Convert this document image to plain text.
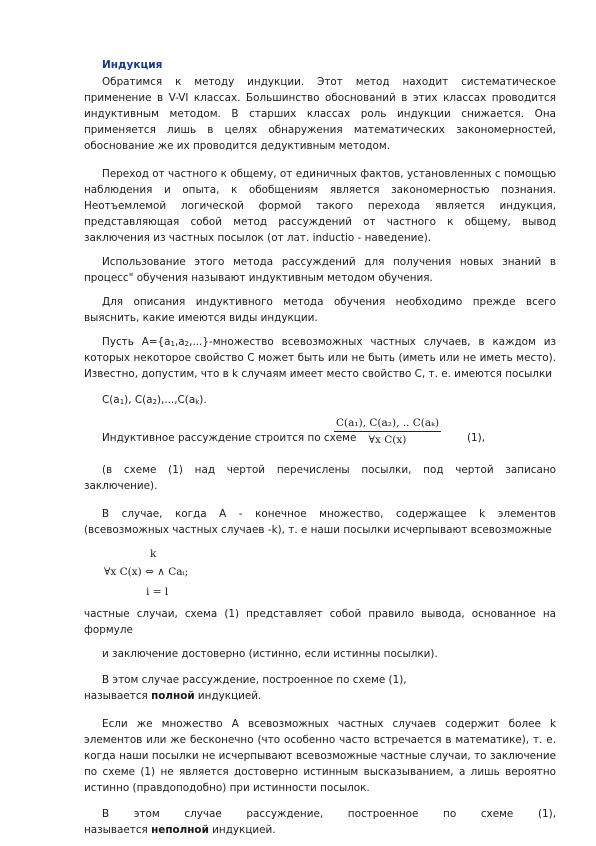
Индукция

Обратимся к методу индукции. Этот метод находит систематическое применение в V-VI классах. Большинство обоснований в этих классах проводится индуктивным методом. В старших классах роль индукции снижается. Она применяется лишь в целях обнаружения математических закономерностей, обоснование же их проводится дедуктивным методом.

Переход от частного к общему, от единичных фактов, установленных с помощью наблюдения и опыта, к обобщениям является закономерностью познания. Неотъемлемой логической формой такого перехода является индукция, представляющая собой метод рассуждений от частного к общему, вывод заключения из частных посылок (от лат. inductio - наведение).

Использование этого метода рассуждений для получения новых знаний в процесс" обучения называют индуктивным методом обучения.

Для описания индуктивного метода обучения необходимо прежде всего выяснить, какие имеются виды индукции.

Пусть $А=\{a_1,a_2,...\}$-множество всевозможных частных случаев, в каждом из которых некоторое свойство С может быть или не быть (иметь или не иметь место). Известно, допустим, что в k случаям имеет место свойство С, т. е. имеются посылки

$C(a_1)$, $C(a_2),...,C(a_k)$.

Индуктивное рассуждение строится по схеме
$\frac{\text{C(a₁), C(a₂), .. C(aₖ)}}{\text{∀x C(x)}} (1)$,

(в схеме (1) над чертой перечислены посылки, под чертой записано заключение).

В случае, когда А - конечное множество, содержащее k элементов (всевозможных частных случаев -k), т. е наши посылки исчерпывают всевозможные

k
∀x C(x) ⇔ ∧ Caᵢ;
i = l

частные случаи, схема (1) представляет собой правило вывода, основанное на формуле

и заключение достоверно (истинно, если истинны посылки).

В этом случае рассуждение, построенное по схеме (1),
называется полной индукцией.

Если же множество А всевозможных частных случаев содержит более k элементов или же бесконечно (что особенно часто встречается в математике), т. е. когда наши посылки не исчерпывают всевозможные частные случаи, то заключение по схеме (1) не является достоверно истинным высказыванием, а лишь вероятно истинно (правдоподобно) при истинности посылок.

В этом случае рассуждение, построенное по схеме (1),
называется неполной индукцией.
